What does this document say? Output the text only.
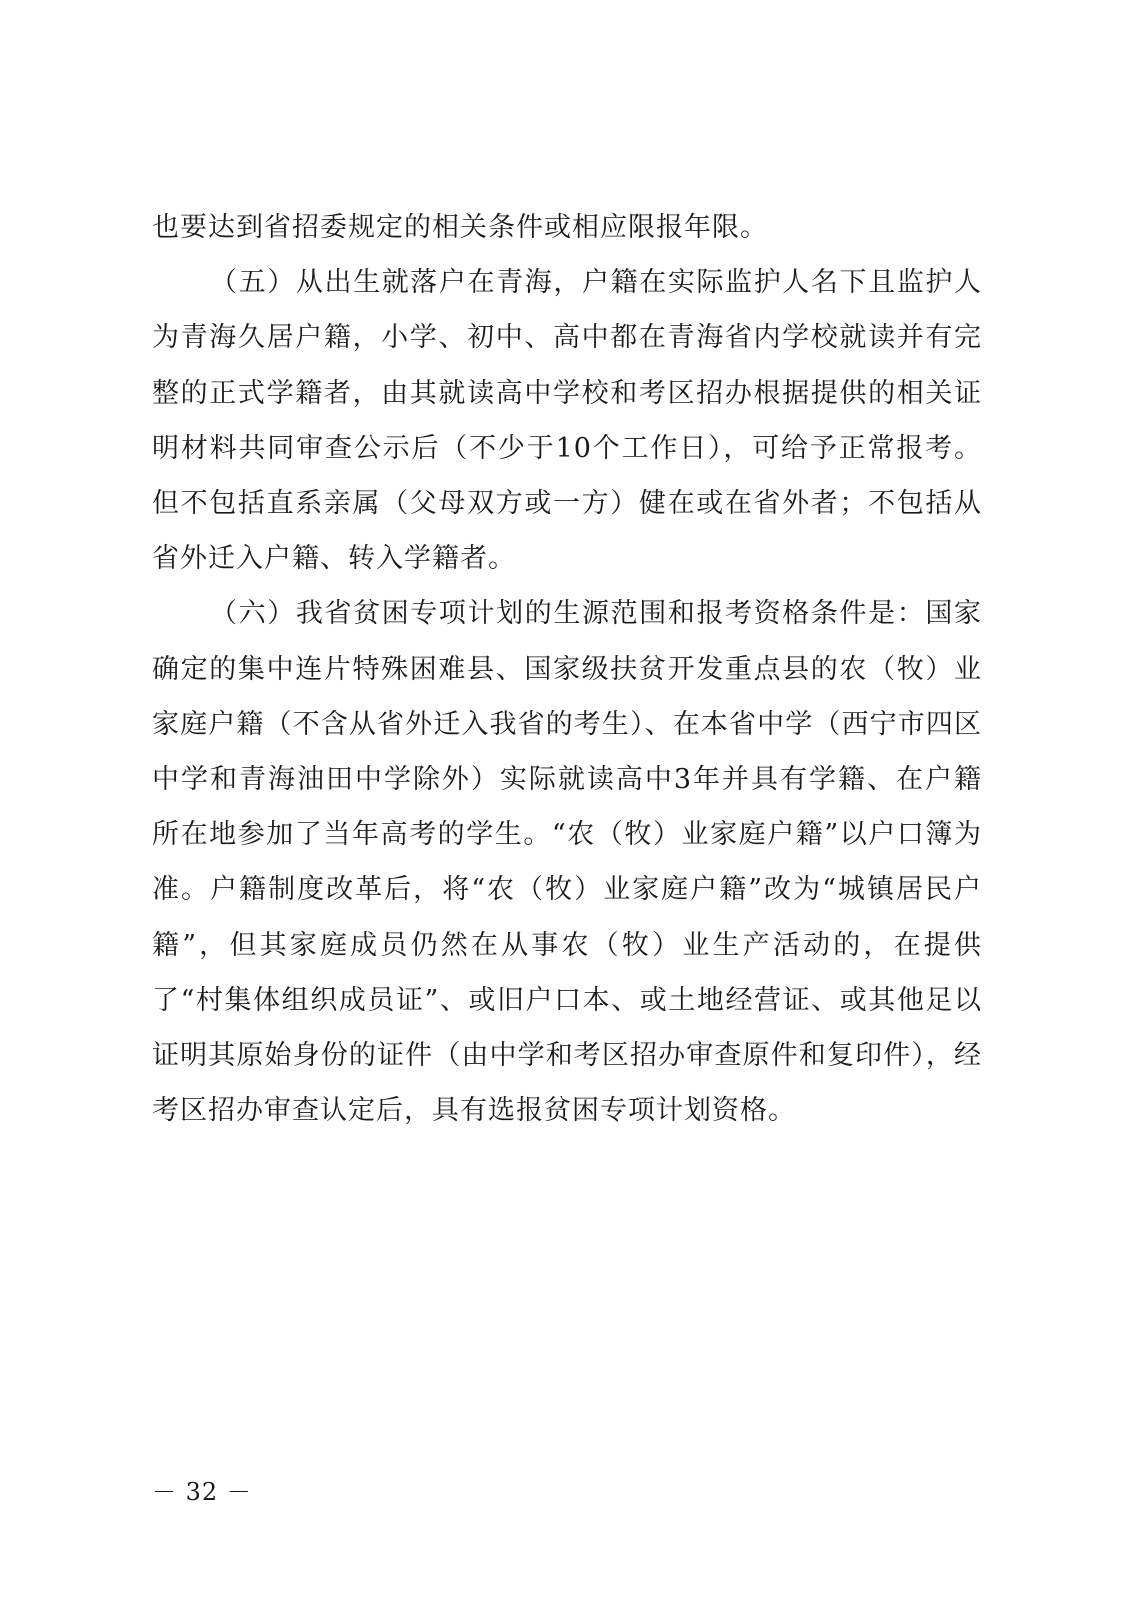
也要达到省招委规定的相关条件或相应限报年限。

（五）从出生就落户在青海，户籍在实际监护人名下且监护人为青海久居户籍，小学、初中、高中都在青海省内学校就读并有完整的正式学籍者，由其就读高中学校和考区招办根据提供的相关证明材料共同审查公示后（不少于10个工作日），可给予正常报考。但不包括直系亲属（父母双方或一方）健在或在省外者；不包括从省外迁入户籍、转入学籍者。

（六）我省贫困专项计划的生源范围和报考资格条件是：国家确定的集中连片特殊困难县、国家级扶贫开发重点县的农（牧）业家庭户籍（不含从省外迁入我省的考生）、在本省中学（西宁市四区中学和青海油田中学除外）实际就读高中3年并具有学籍、在户籍所在地参加了当年高考的学生。“农（牧）业家庭户籍”以户口簿为准。户籍制度改革后，将“农（牧）业家庭户籍”改为“城镇居民户籍”，但其家庭成员仍然在从事农（牧）业生产活动的，在提供了“村集体组织成员证”、或旧户口本、或土地经营证、或其他足以证明其原始身份的证件（由中学和考区招办审查原件和复印件），经考区招办审查认定后，具有选报贫困专项计划资格。

－ 32 －
